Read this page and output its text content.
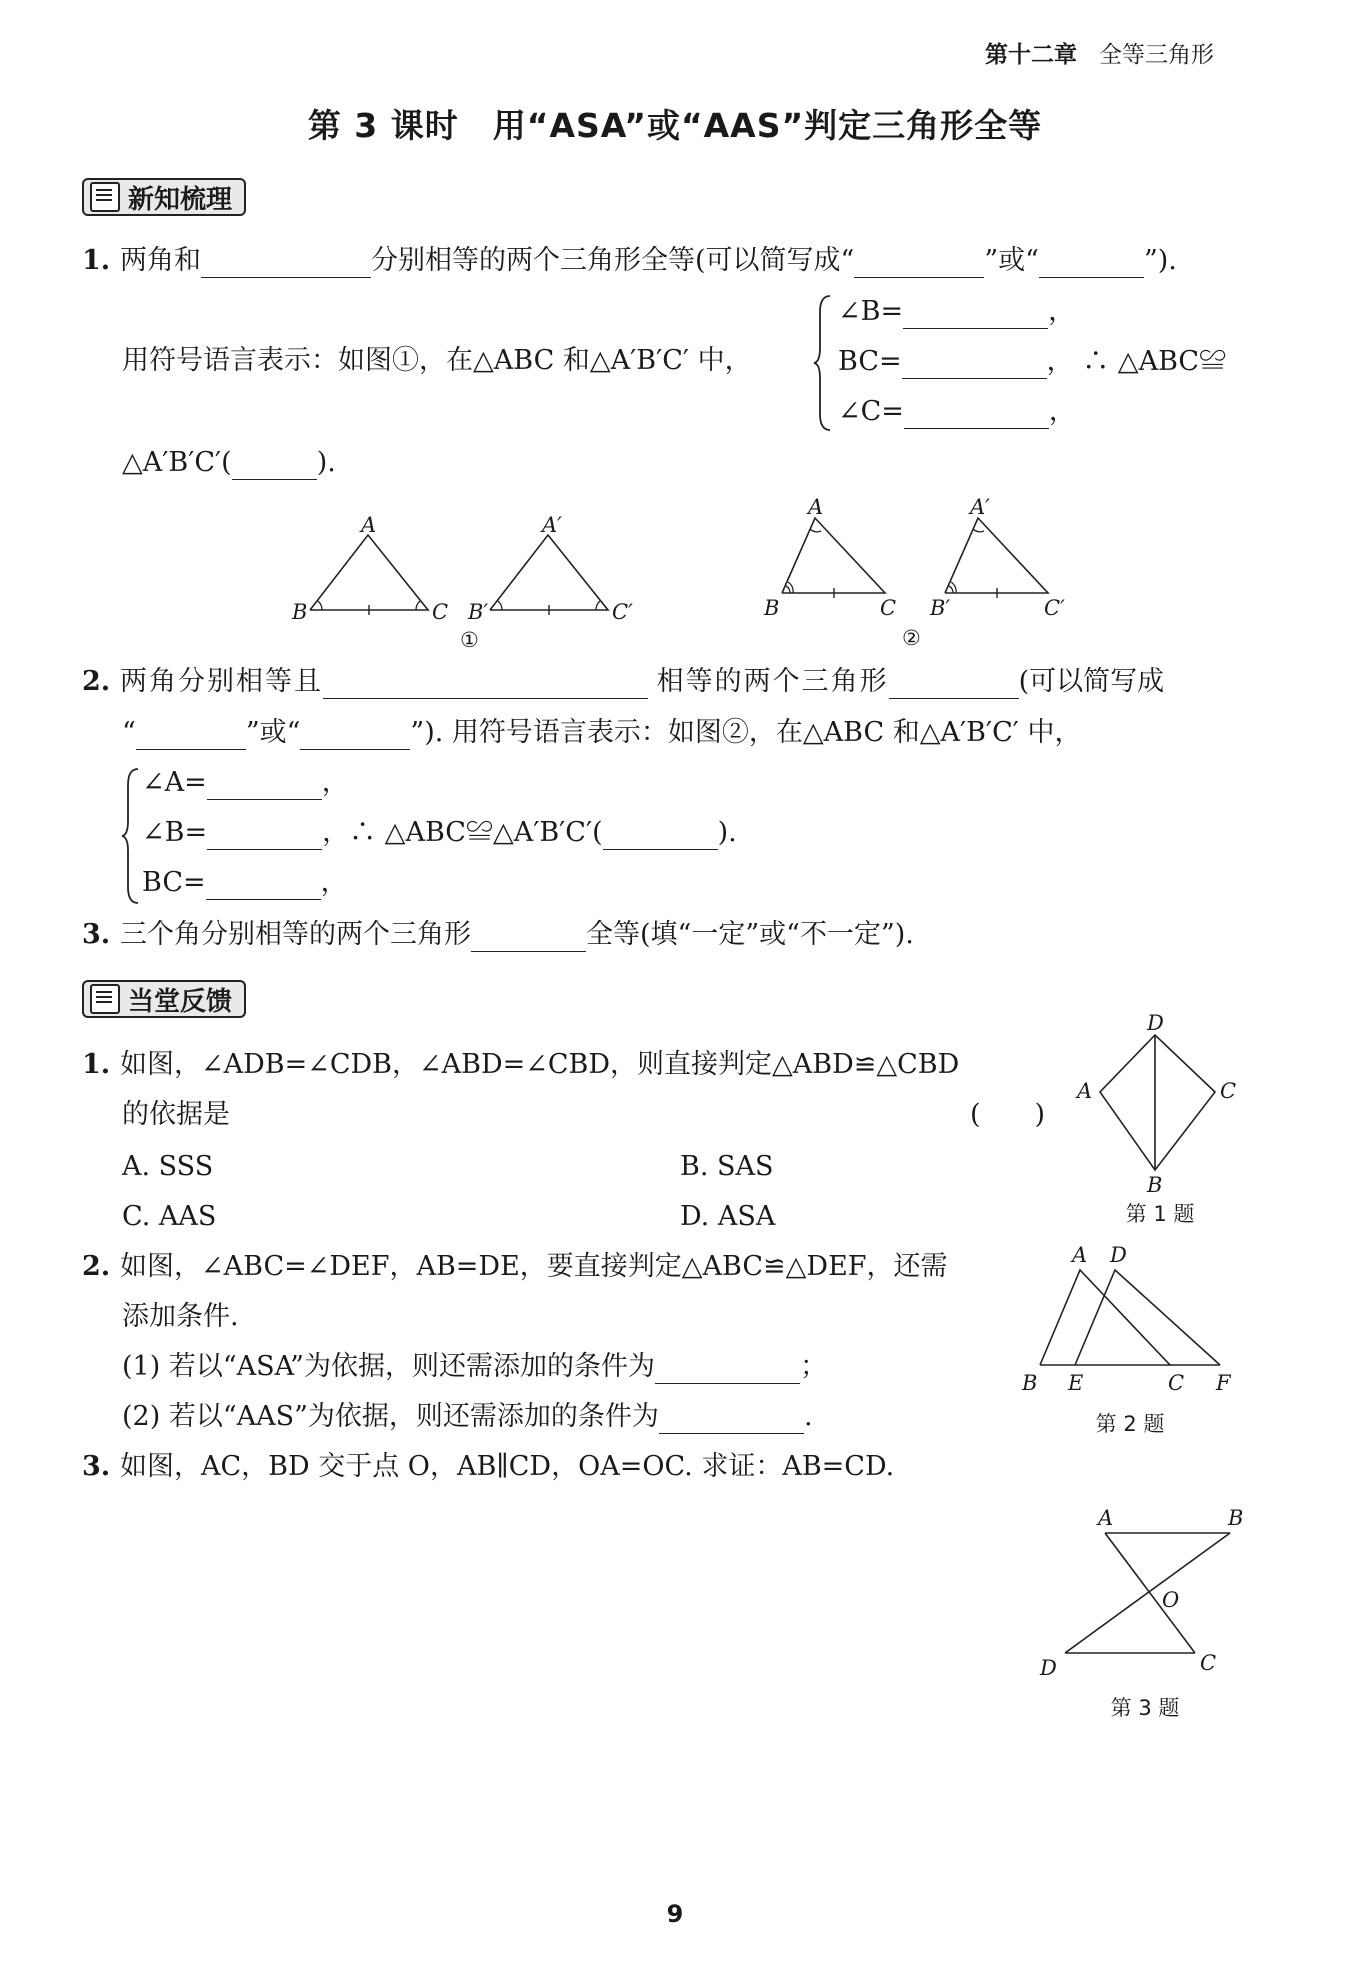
第十二章 全等三角形
第 3 课时　用“ASA”或“AAS”判定三角形全等
新知梳理
1. 两角和	分别相等的两个三角形全等(可以简写成“	”或“	”).
用符号语言表示：如图①，在△ABC 和△A′B′C′ 中，
∠B=	，
BC=	， ∴ △ABC≌
∠C=	，
△A′B′C′(	).
A
B	C
A′
B′	C′
①
A
B	C
A′
B′	C′
②
2. 两角分别相等且	相等的两个三角形	(可以简写成
“	”或“	”). 用符号语言表示：如图②，在△ABC 和△A′B′C′ 中，
∠A=	，
∠B=	，∴ △ABC≌△A′B′C′(	).
BC=	，
3. 三个角分别相等的两个三角形	全等(填“一定”或“不一定”).
当堂反馈
1. 如图，∠ADB=∠CDB，∠ABD=∠CBD，则直接判定△ABD≌△CBD
的依据是	(　　)
A. SSS	B. SAS
C. AAS	D. ASA
D
A	C
B
第 1 题
2. 如图，∠ABC=∠DEF，AB=DE，要直接判定△ABC≌△DEF，还需
添加条件.
(1) 若以“ASA”为依据，则还需添加的条件为	；
(2) 若以“AAS”为依据，则还需添加的条件为	.
A D
B E	C F
第 2 题
3. 如图，AC，BD 交于点 O，AB∥CD，OA=OC. 求证：AB=CD.
A	B
O
D	C
第 3 题
9
